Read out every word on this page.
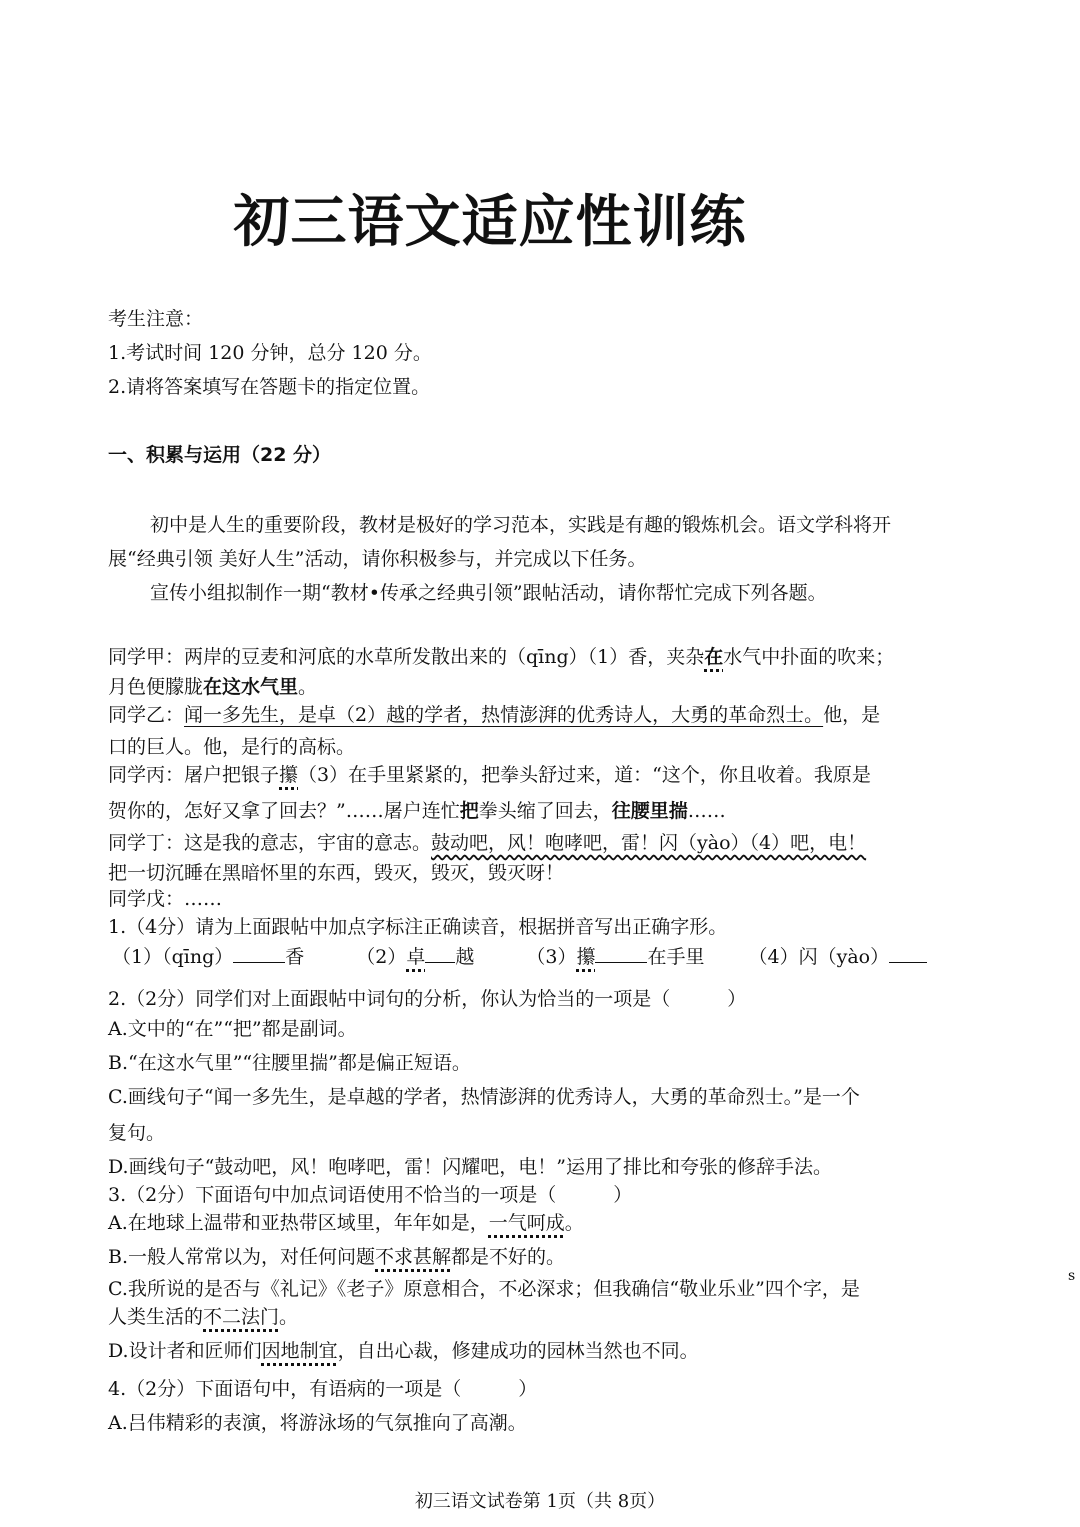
初三语文适应性训练
考生注意：
1.考试时间 120 分钟，总分 120 分。
2.请将答案填写在答题卡的指定位置。
一、积累与运用（22 分）
初中是人生的重要阶段，教材是极好的学习范本，实践是有趣的锻炼机会。语文学科将开
展“经典引领 美好人生”活动，请你积极参与，并完成以下任务。
宣传小组拟制作一期“教材•传承之经典引领”跟帖活动，请你帮忙完成下列各题。
同学甲：两岸的豆麦和河底的水草所发散出来的（qīng）（1）香，夹杂在水气中扑面的吹来；
月色便朦胧在这水气里。
同学乙：闻一多先生，是卓（2）越的学者，热情澎湃的优秀诗人，大勇的革命烈士。他，是
口的巨人。他，是行的高标。
同学丙：屠户把银子攥（3）在手里紧紧的，把拳头舒过来，道：“这个，你且收着。我原是
贺你的，怎好又拿了回去？”……屠户连忙把拳头缩了回去，往腰里揣……
同学丁：这是我的意志，宇宙的意志。鼓动吧，风！咆哮吧，雷！闪（yào）（4）吧，电！
把一切沉睡在黑暗怀里的东西，毁灭，毁灭，毁灭呀！
同学戊：……
1.（4分）请为上面跟帖中加点字标注正确读音，根据拼音写出正确字形。
（1）（qīng）	香	（2）卓 越	（3）攥	在手里 （4）闪（yào）
2.（2分）同学们对上面跟帖中词句的分析，你认为恰当的一项是（　　　）
A.文中的“在”“把”都是副词。
B.“在这水气里”“往腰里揣”都是偏正短语。
C.画线句子“闻一多先生，是卓越的学者，热情澎湃的优秀诗人，大勇的革命烈士。”是一个
复句。
D.画线句子“鼓动吧，风！咆哮吧，雷！闪耀吧，电！”运用了排比和夸张的修辞手法。
3.（2分）下面语句中加点词语使用不恰当的一项是（　　　）
A.在地球上温带和亚热带区域里，年年如是，一气呵成。
B.一般人常常以为，对任何问题不求甚解都是不好的。
C.我所说的是否与《礼记》《老子》原意相合，不必深求；但我确信“敬业乐业”四个字，是
人类生活的不二法门。
D.设计者和匠师们因地制宜，自出心裁，修建成功的园林当然也不同。
4.（2分）下面语句中，有语病的一项是（　　　）
A.吕伟精彩的表演，将游泳场的气氛推向了高潮。
初三语文试卷第 1页（共 8页）
s
